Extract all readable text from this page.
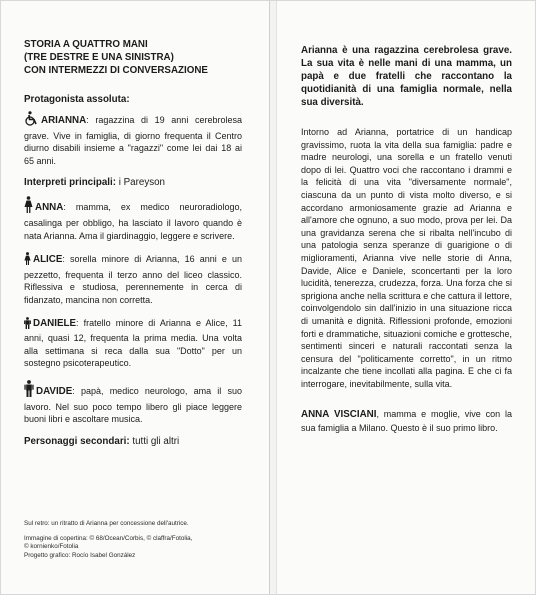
STORIA A QUATTRO MANI
(TRE DESTRE E UNA SINISTRA)
CON INTERMEZZI DI CONVERSAZIONE
Protagonista assoluta:

ARIANNA: ragazzina di 19 anni cerebrolesa grave. Vive in famiglia, di giorno frequenta il Centro diurno disabili insieme a "ragazzi" come lei dai 18 ai 65 anni.

Interpreti principali: i Pareyson

ANNA: mamma, ex medico neuroradiologo, casalinga per obbligo, ha lasciato il lavoro quando è nata Arianna. Ama il giardinaggio, leggere e scrivere.

ALICE: sorella minore di Arianna, 16 anni e un pezzetto, frequenta il terzo anno del liceo classico. Riflessiva e studiosa, perennemente in cerca di fidanzato, mancina non corretta.

DANIELE: fratello minore di Arianna e Alice, 11 anni, quasi 12, frequenta la prima media. Una volta alla settimana si reca dalla sua "Dotto" per un sostegno psicoterapeutico.

DAVIDE: papà, medico neurologo, ama il suo lavoro. Nel suo poco tempo libero gli piace leggere buoni libri e ascoltare musica.

Personaggi secondari: tutti gli altri
Sul retro: un ritratto di Arianna per concessione dell'autrice.
Immagine di copertina: © 68/Ocean/Corbis, © claffra/Fotolia,
© kornienko/Fotolia
Progetto grafico: Rocío Isabel González

Arianna è una ragazzina cerebrolesa grave. La sua vita è nelle mani di una mamma, un papà e due fratelli che raccontano la quotidianità di una famiglia normale, nella sua diversità.

Intorno ad Arianna, portatrice di un handicap gravissimo, ruota la vita della sua famiglia: padre e madre neurologi, una sorella e un fratello venuti dopo di lei. Quattro voci che raccontano i drammi e la felicità di una vita "diversamente normale", ciascuna da un punto di vista molto diverso, e si accordano armoniosamente grazie ad Arianna e all'amore che ognuno, a suo modo, prova per lei. Da una gravidanza serena che si ribalta nell'incubo di una patologia senza speranze di guarigione o di miglioramenti, Arianna vive nelle storie di Anna, Davide, Alice e Daniele, sconcertanti per la loro lucidità, tenerezza, crudezza, forza. Una forza che si sprigiona anche nella scrittura e che cattura il lettore, coinvolgendolo sin dall'inizio in una situazione ricca di umanità e dignità. Riflessioni profonde, emozioni forti e drammatiche, situazioni comiche e grottesche, sentimenti sinceri e naturali raccontati senza la censura del "politicamente corretto", in un ritmo incalzante che tiene incollati alla pagina. E che ci fa interrogare, inevitabilmente, sulla vita.

ANNA VISCIANI, mamma e moglie, vive con la sua famiglia a Milano. Questo è il suo primo libro.
